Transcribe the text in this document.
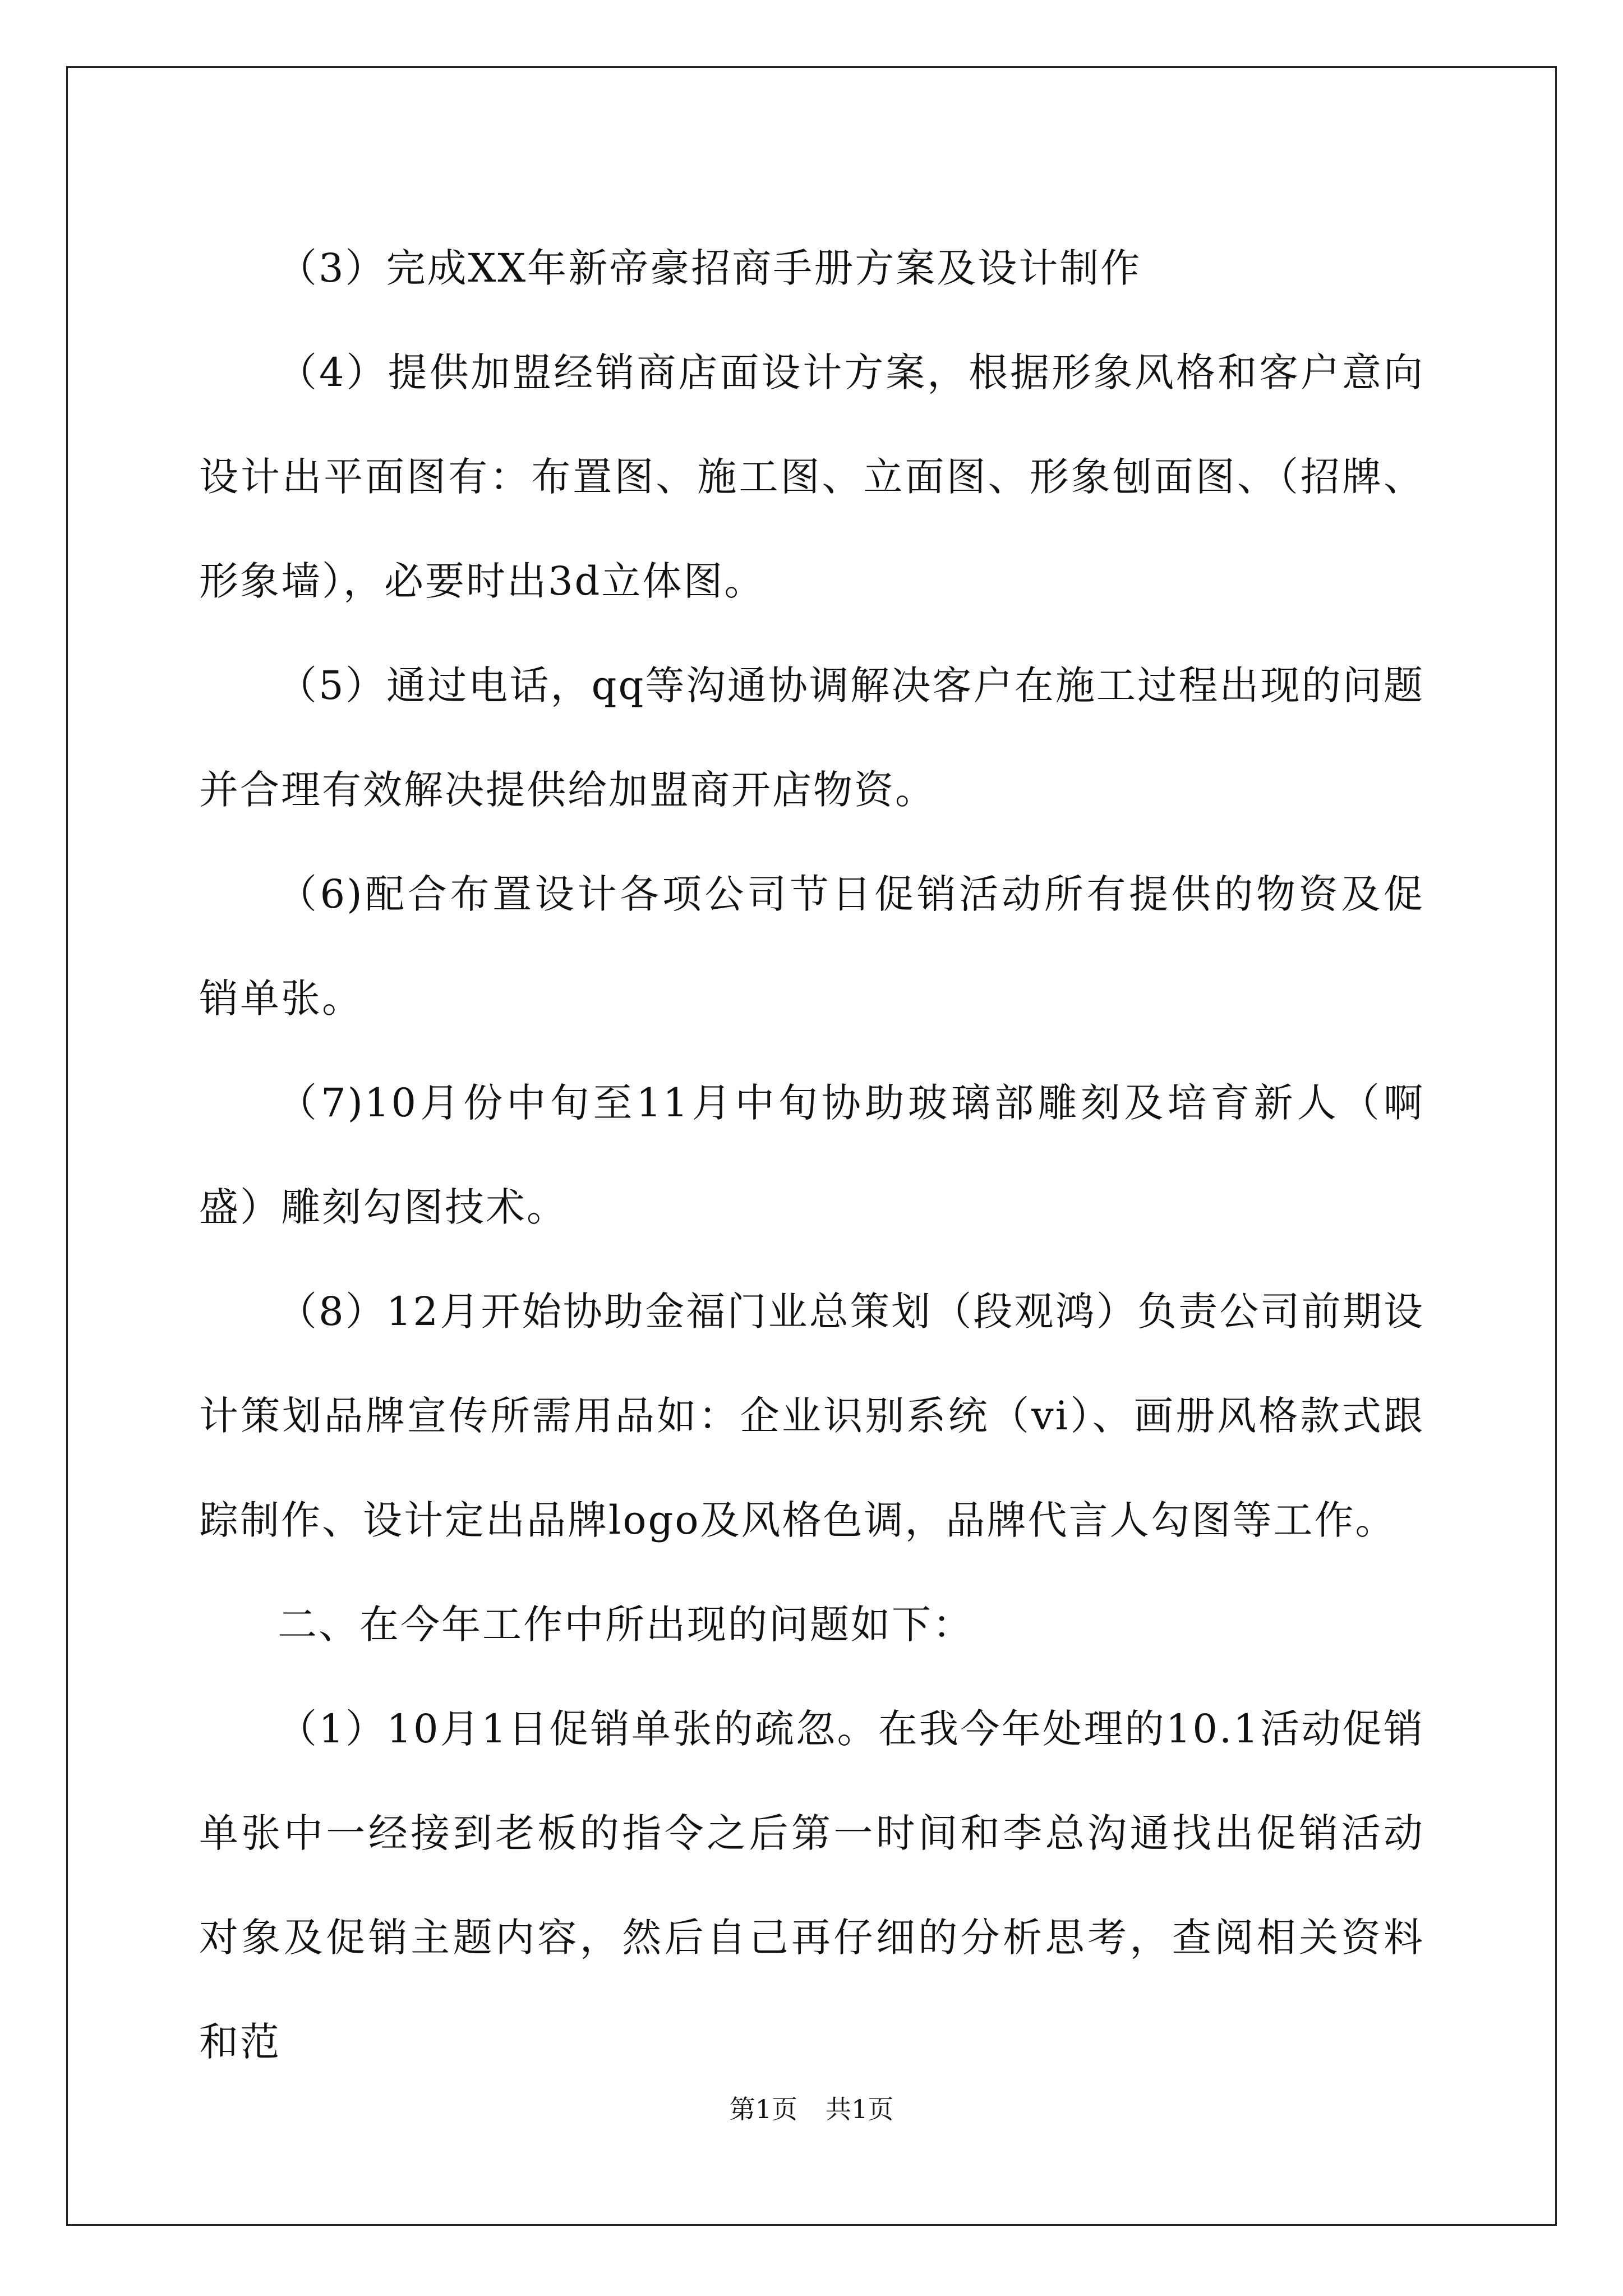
（3）完成XX年新帝豪招商手册方案及设计制作

（4）提供加盟经销商店面设计方案，根据形象风格和客户意向设计出平面图有：布置图、施工图、立面图、形象刨面图、（招牌、形象墙），必要时出3d立体图。

（5）通过电话，qq等沟通协调解决客户在施工过程出现的问题并合理有效解决提供给加盟商开店物资。

（6)配合布置设计各项公司节日促销活动所有提供的物资及促销单张。

（7)10月份中旬至11月中旬协助玻璃部雕刻及培育新人（啊盛）雕刻勾图技术。

（8）12月开始协助金福门业总策划（段观鸿）负责公司前期设计策划品牌宣传所需用品如：企业识别系统（vi）、画册风格款式跟踪制作、设计定出品牌logo及风格色调，品牌代言人勾图等工作。

二、在今年工作中所出现的问题如下：

（1）10月1日促销单张的疏忽。在我今年处理的10.1活动促销单张中一经接到老板的指令之后第一时间和李总沟通找出促销活动对象及促销主题内容，然后自己再仔细的分析思考，查阅相关资料和范

第1页 共1页
